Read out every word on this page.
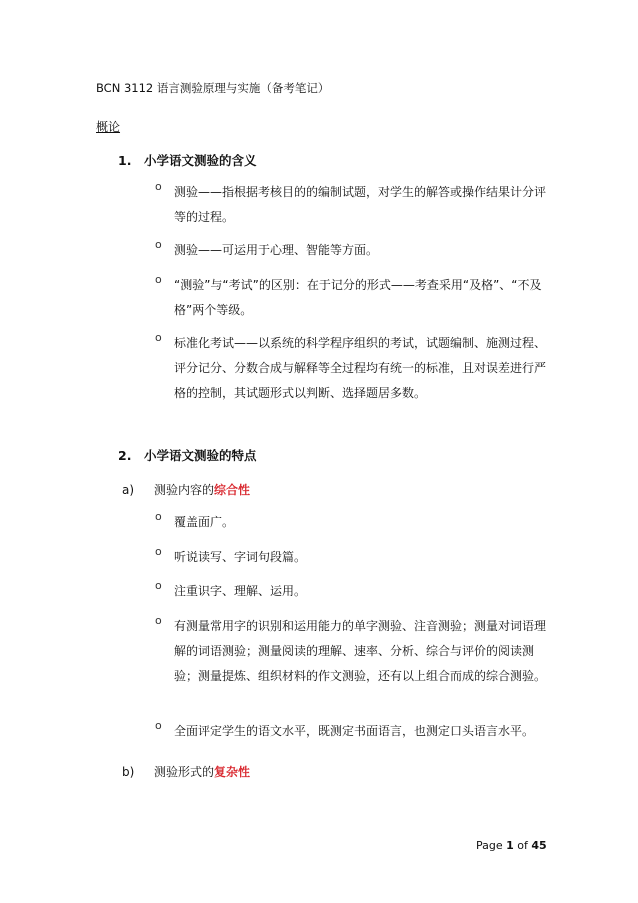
BCN 3112 语言测验原理与实施（备考笔记）
概论
1. 小学语文测验的含义
o 测验——指根据考核目的的编制试题，对学生的解答或操作结果计分评等的过程。
o 测验——可运用于心理、智能等方面。
o “测验”与“考试”的区别：在于记分的形式——考查采用“及格”、“不及格”两个等级。
o 标准化考试——以系统的科学程序组织的考试，试题编制、施测过程、评分记分、分数合成与解释等全过程均有统一的标准，且对误差进行严格的控制，其试题形式以判断、选择题居多数。
2. 小学语文测验的特点
a) 测验内容的综合性
o 覆盖面广。
o 听说读写、字词句段篇。
o 注重识字、理解、运用。
o 有测量常用字的识别和运用能力的单字测验、注音测验；测量对词语理解的词语测验；测量阅读的理解、速率、分析、综合与评价的阅读测验；测量提炼、组织材料的作文测验，还有以上组合而成的综合测验。
o 全面评定学生的语文水平，既测定书面语言，也测定口头语言水平。
b) 测验形式的复杂性
Page 1 of 45
